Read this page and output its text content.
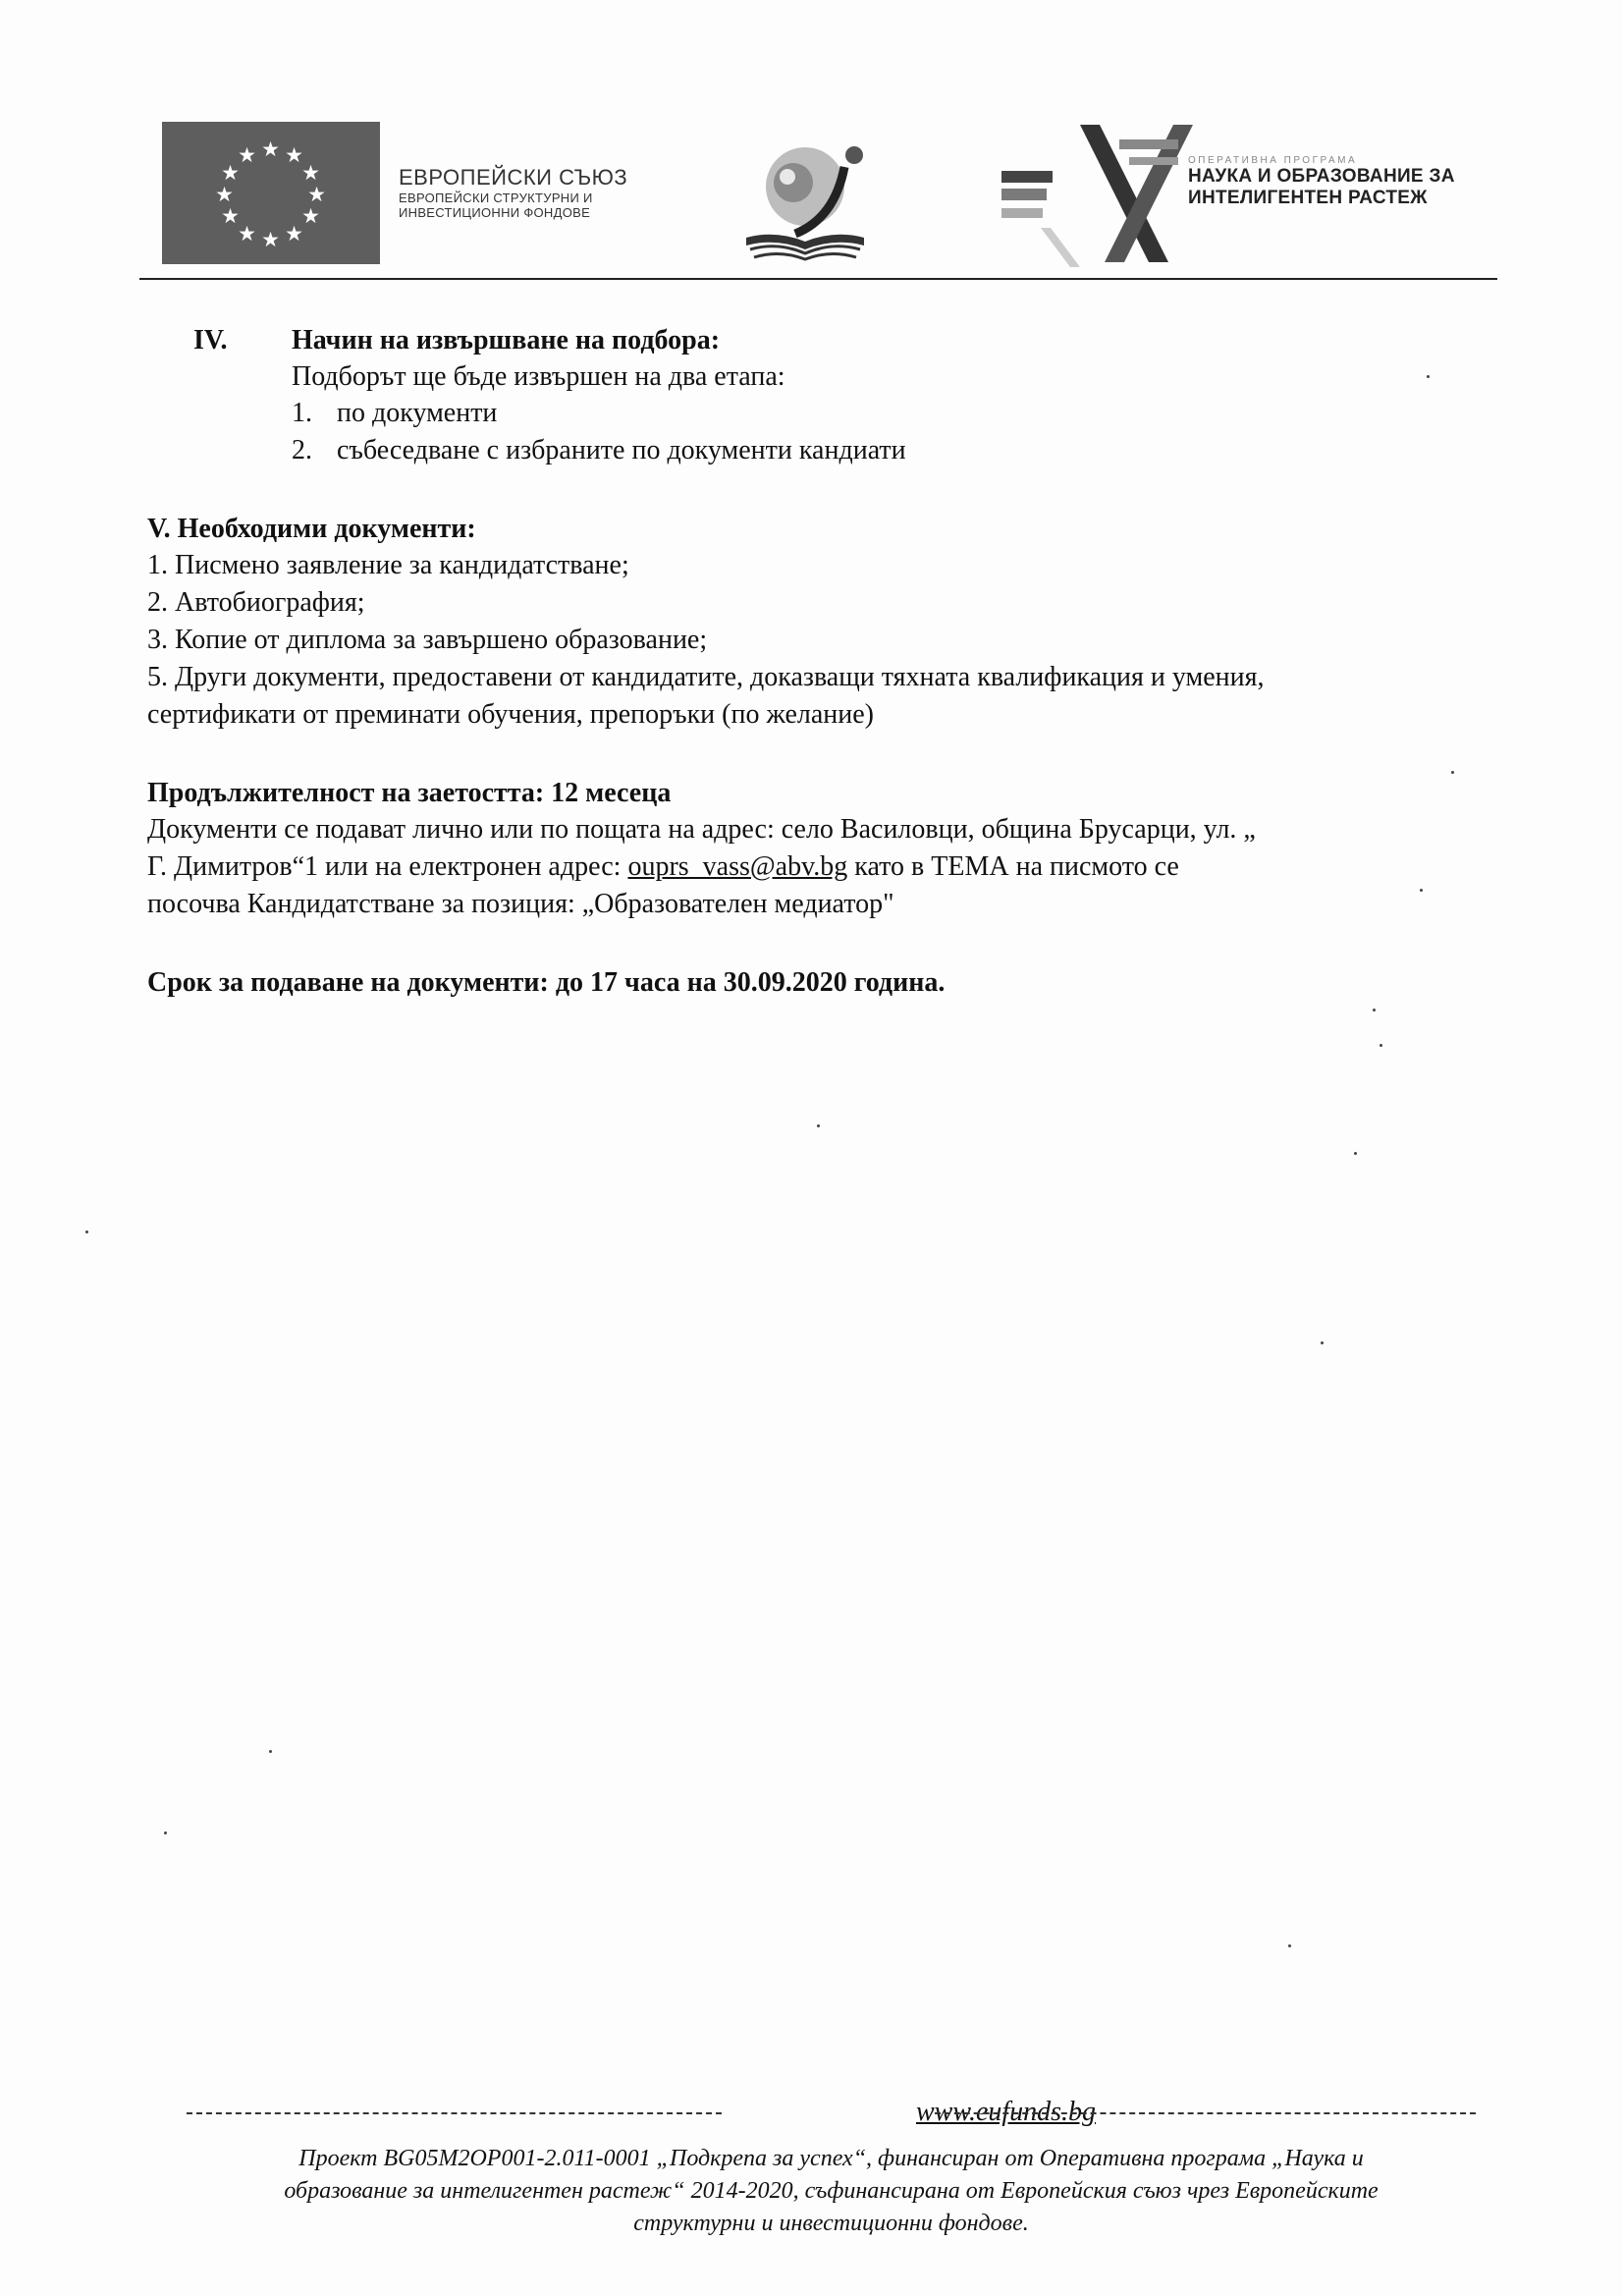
★ ★
★
★
★
★
★
★
★
★
★
★
ЕВРОПЕЙСКИ СЪЮЗ
ЕВРОПЕЙСКИ СТРУКТУРНИ И
ИНВЕСТИЦИОННИ ФОНДОВЕ
ОПЕРАТИВНА ПРОГРАМА
НАУКА И ОБРАЗОВАНИЕ ЗА
ИНТЕЛИГЕНТЕН РАСТЕЖ
IV. Начин на извършване на подбора:
Подборът ще бъде извършен на два етапа:
1. по документи
2. събеседване с избраните по документи кандиати
V. Необходими документи:
1. Писмено заявление за кандидатстване;
2. Автобиография;
3. Копие от диплома за завършено образование;
5. Други документи, предоставени от кандидатите, доказващи тяхната квалификация и умения,
сертификати от преминати обучения, препоръки (по желание)
Продължителност на заетостта: 12 месеца
Документи се подават лично или по пощата на адрес: село Василовци, община Брусарци, ул. „
Г. Димитров“1 или на електронен адрес: ouprs_vass@abv.bg като в ТЕМА на писмото се
посочва Кандидатстване за позиция: „Образователен медиатор"
Срок за подаване на документи: до 17 часа на 30.09.2020 година.
www.eufunds.bg
Проект BG05M2OP001-2.011-0001 „Подкрепа за успех“, финансиран от Оперативна програма „Наука и
образование за интелигентен растеж“ 2014-2020, съфинансирана от Европейския съюз чрез Европейските
структурни и инвестиционни фондове.
